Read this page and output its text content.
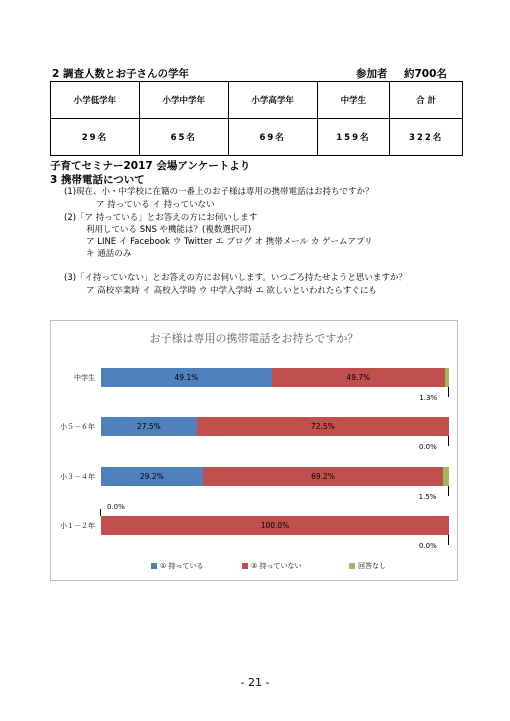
2 調査人数とお子さんの学年	参加者 約700名
小学低学年	小学中学年	小学高学年	中学生	合 計
29名	65名	69名	159名	322名
子育てセミナー2017 会場アンケートより
3 携帯電話について
(1)現在、小・中学校に在籍の一番上のお子様は専用の携帯電話はお持ちですか？
ア 持っている イ 持っていない
(2)「ア 持っている」とお答えの方にお伺いします
利用している SNS や機能は？(複数選択可)
ア LINE イ Facebook ウ Twitter エ ブログ オ 携帯メール カ ゲームアプリ
キ 通話のみ
(3)「イ持っていない」とお答えの方にお伺いします。いつごろ持たせようと思いますか？
ア 高校卒業時 イ 高校入学時 ウ 中学入学時 エ 欲しいといわれたらすぐにも
お子様は専用の携帯電話をお持ちですか？
中学生	49.1%	49.7%
1.3%
小５－６年	27.5%	72.5%
0.0%
小３－４年	29.2%	69.2%
1.5%
小１－２年
0.0%
100.0%
0.0%
① 持っている	② 持っていない	回答なし
- 21 -
